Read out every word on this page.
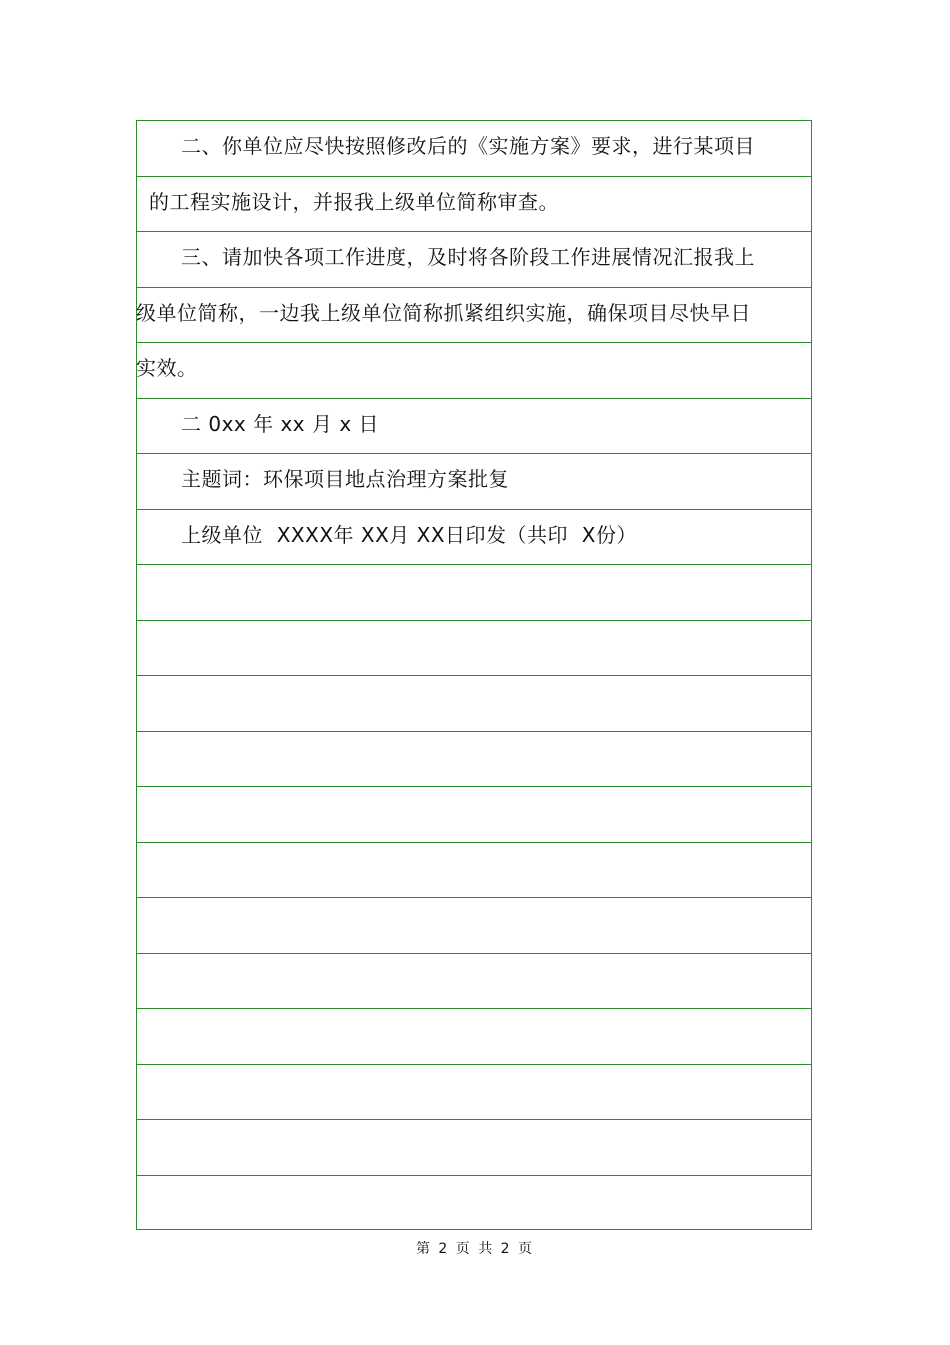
二、你单位应尽快按照修改后的《实施方案》要求，进行某项目
的工程实施设计，并报我上级单位简称审查。
三、请加快各项工作进度，及时将各阶段工作进展情况汇报我上
级单位简称，一边我上级单位简称抓紧组织实施，确保项目尽快早日
实效。
二 0xx 年 xx 月 x 日
主题词：环保项目地点治理方案批复
上级单位  XXXX年 XX月 XX日印发（共印  X份）
第 2 页 共 2 页
